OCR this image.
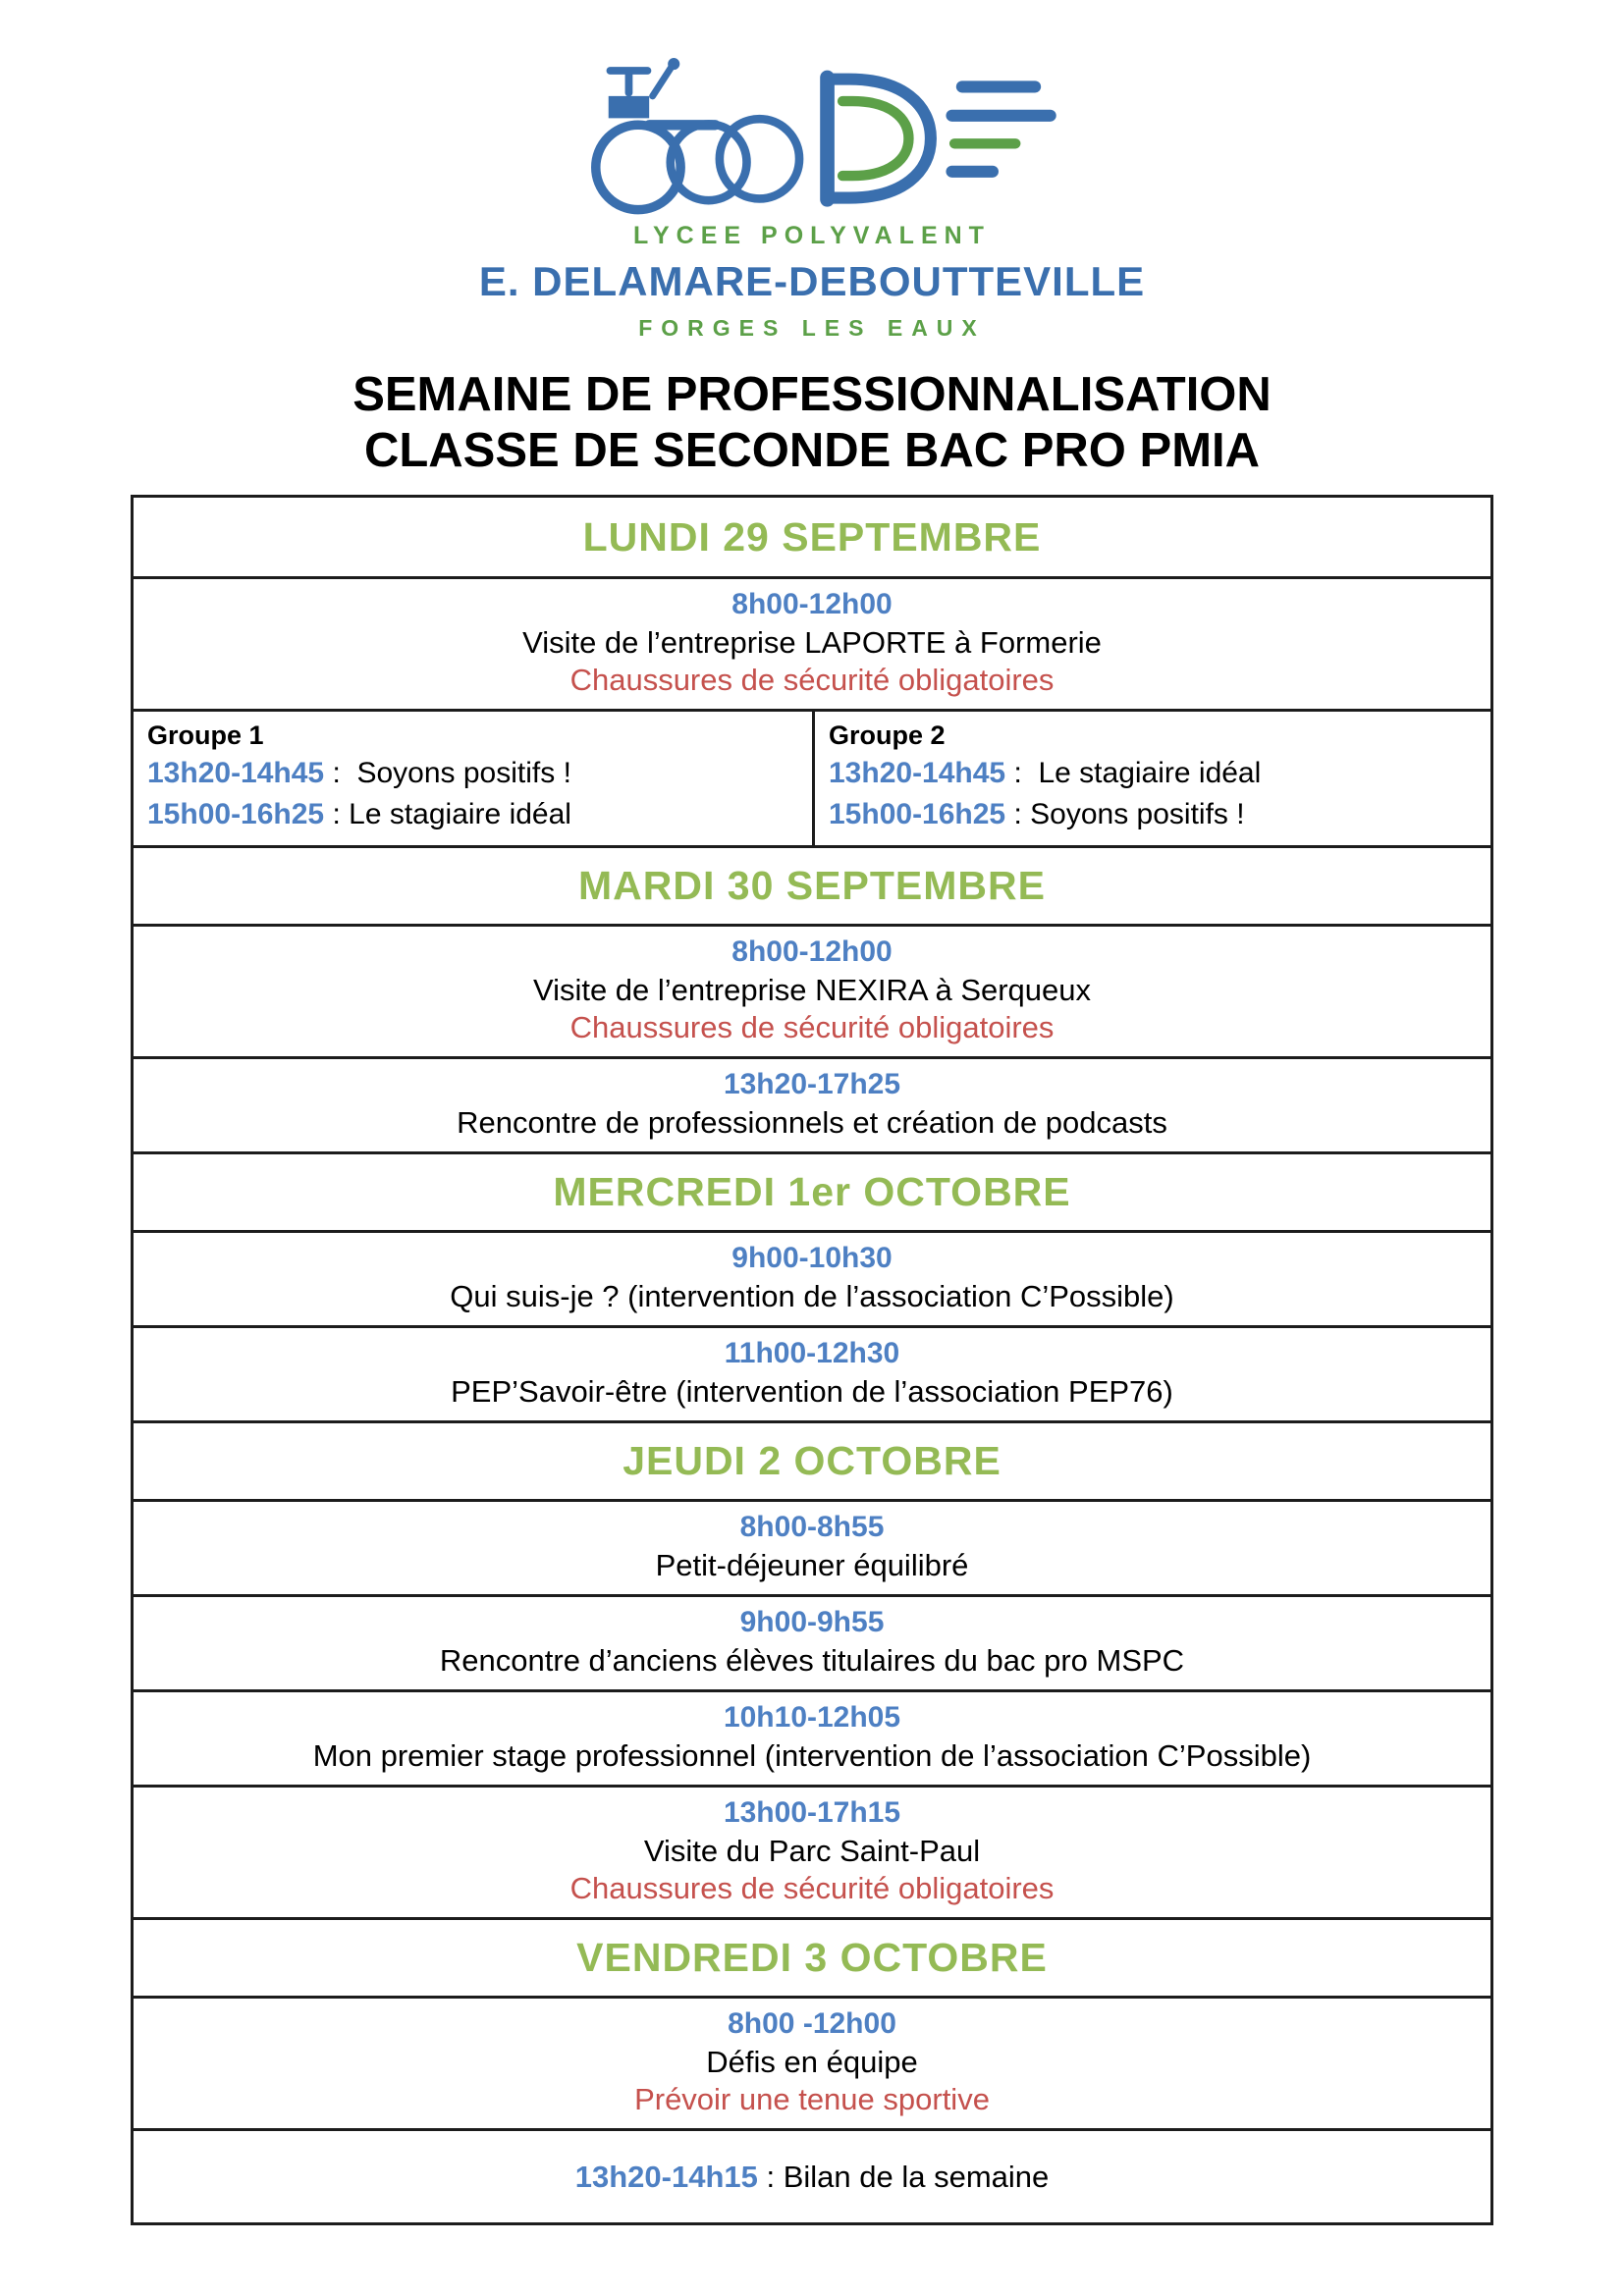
LYCEE POLYVALENT
E. DELAMARE-DEBOUTTEVILLE
FORGES LES EAUX
SEMAINE DE PROFESSIONNALISATION
CLASSE DE SECONDE BAC PRO PMIA
LUNDI 29 SEPTEMBRE
8h00-12h00
Visite de l’entreprise LAPORTE à Formerie
Chaussures de sécurité obligatoires
Groupe 1
13h20-14h45 :  Soyons positifs !
15h00-16h25 : Le stagiaire idéal
Groupe 2
13h20-14h45 :  Le stagiaire idéal
15h00-16h25 : Soyons positifs !
MARDI 30 SEPTEMBRE
8h00-12h00
Visite de l’entreprise NEXIRA à Serqueux
Chaussures de sécurité obligatoires
13h20-17h25
Rencontre de professionnels et création de podcasts
MERCREDI 1er OCTOBRE
9h00-10h30
Qui suis-je ? (intervention de l’association C’Possible)
11h00-12h30
PEP’Savoir-être (intervention de l’association PEP76)
JEUDI 2 OCTOBRE
8h00-8h55
Petit-déjeuner équilibré
9h00-9h55
Rencontre d’anciens élèves titulaires du bac pro MSPC
10h10-12h05
Mon premier stage professionnel (intervention de l’association C’Possible)
13h00-17h15
Visite du Parc Saint-Paul
Chaussures de sécurité obligatoires
VENDREDI 3 OCTOBRE
8h00 -12h00
Défis en équipe
Prévoir une tenue sportive
13h20-14h15 : Bilan de la semaine
